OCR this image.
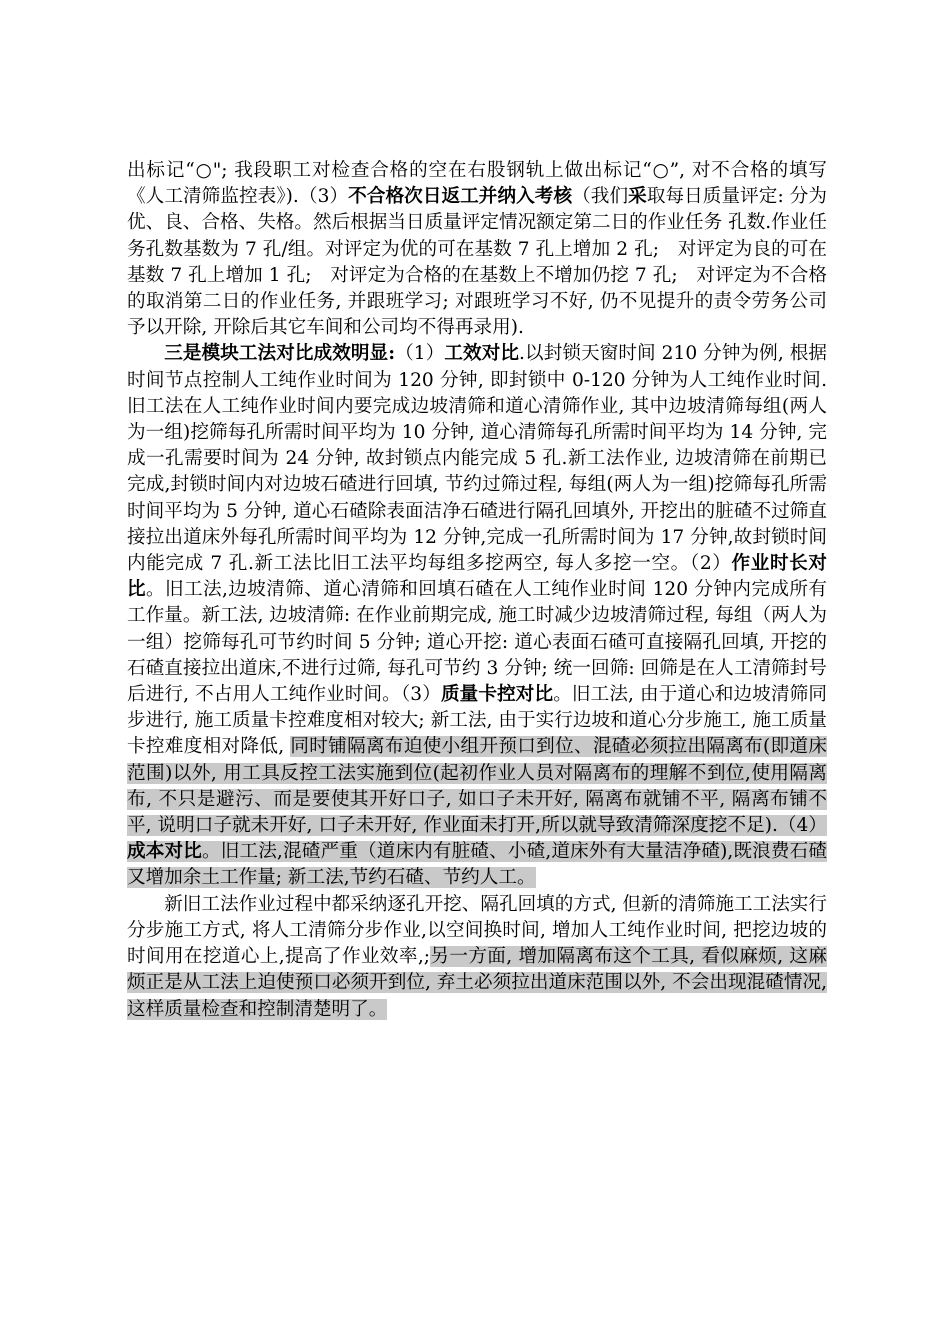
出标记“○"; 我段职工对检查合格的空在右股钢轨上做出标记“○”, 对不合格的填写《人工清筛监控表》).（3）不合格次日返工并纳入考核（我们采取每日质量评定: 分为优、良、合格、失格。然后根据当日质量评定情况额定第二日的作业任务 孔数.作业任务孔数基数为 7 孔/组。对评定为优的可在基数 7 孔上增加 2 孔;　对评定为良的可在基数 7 孔上增加 1 孔;　对评定为合格的在基数上不增加仍挖 7 孔;　对评定为不合格的取消第二日的作业任务, 并跟班学习; 对跟班学习不好, 仍不见提升的责令劳务公司予以开除, 开除后其它车间和公司均不得再录用).

三是模块工法对比成效明显:（1）工效对比.以封锁天窗时间 210 分钟为例, 根据时间节点控制人工纯作业时间为 120 分钟, 即封锁中 0-120 分钟为人工纯作业时间.旧工法在人工纯作业时间内要完成边坡清筛和道心清筛作业, 其中边坡清筛每组(两人为一组)挖筛每孔所需时间平均为 10 分钟, 道心清筛每孔所需时间平均为 14 分钟, 完成一孔需要时间为 24 分钟, 故封锁点内能完成 5 孔.新工法作业, 边坡清筛在前期已完成,封锁时间内对边坡石碴进行回填, 节约过筛过程, 每组(两人为一组)挖筛每孔所需时间平均为 5 分钟, 道心石碴除表面洁净石碴进行隔孔回填外, 开挖出的脏碴不过筛直接拉出道床外每孔所需时间平均为 12 分钟,完成一孔所需时间为 17 分钟,故封锁时间内能完成 7 孔.新工法比旧工法平均每组多挖两空, 每人多挖一空。（2）作业时长对比。旧工法,边坡清筛、道心清筛和回填石碴在人工纯作业时间 120 分钟内完成所有工作量。新工法, 边坡清筛: 在作业前期完成, 施工时减少边坡清筛过程, 每组（两人为一组）挖筛每孔可节约时间 5 分钟; 道心开挖: 道心表面石碴可直接隔孔回填, 开挖的石碴直接拉出道床,不进行过筛, 每孔可节约 3 分钟; 统一回筛: 回筛是在人工清筛封号后进行, 不占用人工纯作业时间。（3）质量卡控对比。旧工法, 由于道心和边坡清筛同步进行, 施工质量卡控难度相对较大; 新工法, 由于实行边坡和道心分步施工, 施工质量卡控难度相对降低, 同时铺隔离布迫使小组开预口到位、混碴必须拉出隔离布(即道床范围)以外, 用工具反控工法实施到位(起初作业人员对隔离布的理解不到位,使用隔离布, 不只是避污、而是要使其开好口子, 如口子未开好, 隔离布就铺不平, 隔离布铺不平, 说明口子就未开好, 口子未开好, 作业面未打开,所以就导致清筛深度挖不足).（4）成本对比。旧工法,混碴严重（道床内有脏碴、小碴,道床外有大量洁净碴),既浪费石碴又增加余土工作量; 新工法,节约石碴、节约人工。

新旧工法作业过程中都采纳逐孔开挖、隔孔回填的方式, 但新的清筛施工工法实行分步施工方式, 将人工清筛分步作业,以空间换时间, 增加人工纯作业时间, 把挖边坡的时间用在挖道心上,提高了作业效率,;另一方面, 增加隔离布这个工具, 看似麻烦, 这麻烦正是从工法上迫使预口必须开到位, 弃土必须拉出道床范围以外, 不会出现混碴情况, 这样质量检查和控制清楚明了。
